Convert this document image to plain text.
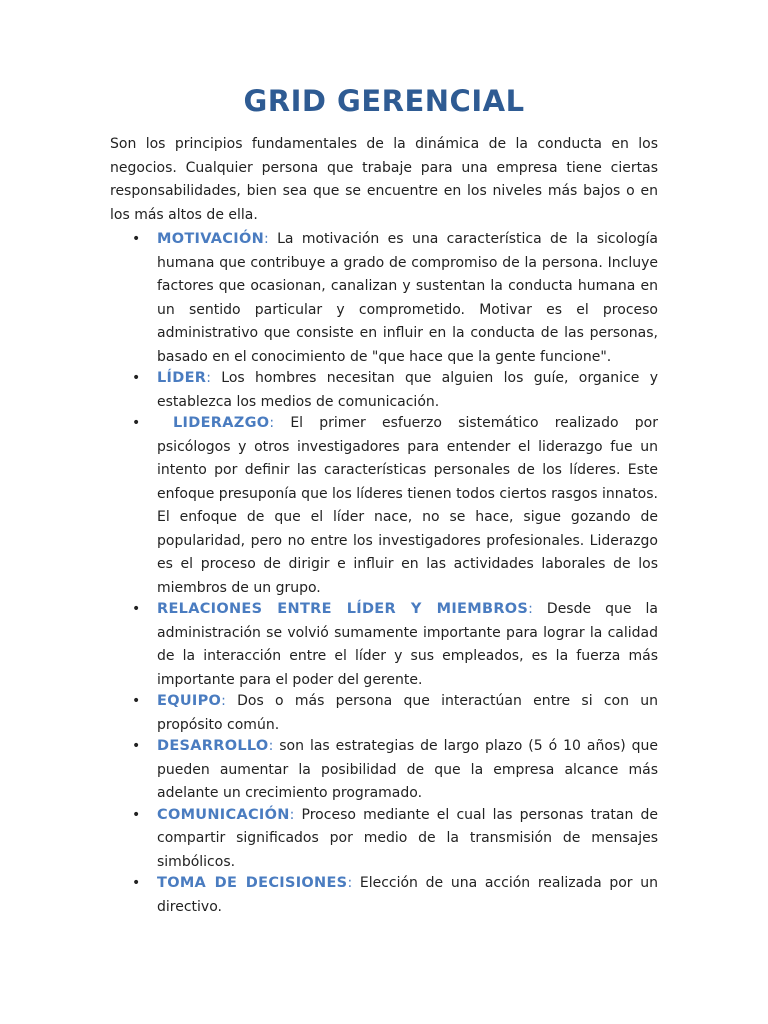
GRID GERENCIAL
Son los principios fundamentales de la dinámica de la conducta en los negocios. Cualquier persona que trabaje para una empresa tiene ciertas responsabilidades, bien sea que se encuentre en los niveles más bajos o en los más altos de ella.
• MOTIVACIÓN: La motivación es una característica de la sicología humana que contribuye a grado de compromiso de la persona. Incluye factores que ocasionan, canalizan y sustentan la conducta humana en un sentido particular y comprometido. Motivar es el proceso administrativo que consiste en influir en la conducta de las personas, basado en el conocimiento de "que hace que la gente funcione".
• LÍDER: Los hombres necesitan que alguien los guíe, organice y establezca los medios de comunicación.
• LIDERAZGO: El primer esfuerzo sistemático realizado por psicólogos y otros investigadores para entender el liderazgo fue un intento por definir las características personales de los líderes. Este enfoque presuponía que los líderes tienen todos ciertos rasgos innatos. El enfoque de que el líder nace, no se hace, sigue gozando de popularidad, pero no entre los investigadores profesionales. Liderazgo es el proceso de dirigir e influir en las actividades laborales de los miembros de un grupo.
• RELACIONES ENTRE LÍDER Y MIEMBROS: Desde que la administración se volvió sumamente importante para lograr la calidad de la interacción entre el líder y sus empleados, es la fuerza más importante para el poder del gerente.
• EQUIPO: Dos o más persona que interactúan entre si con un propósito común.
• DESARROLLO: son las estrategias de largo plazo (5 ó 10 años) que pueden aumentar la posibilidad de que la empresa alcance más adelante un crecimiento programado.
• COMUNICACIÓN: Proceso mediante el cual las personas tratan de compartir significados por medio de la transmisión de mensajes simbólicos.
• TOMA DE DECISIONES: Elección de una acción realizada por un directivo.
